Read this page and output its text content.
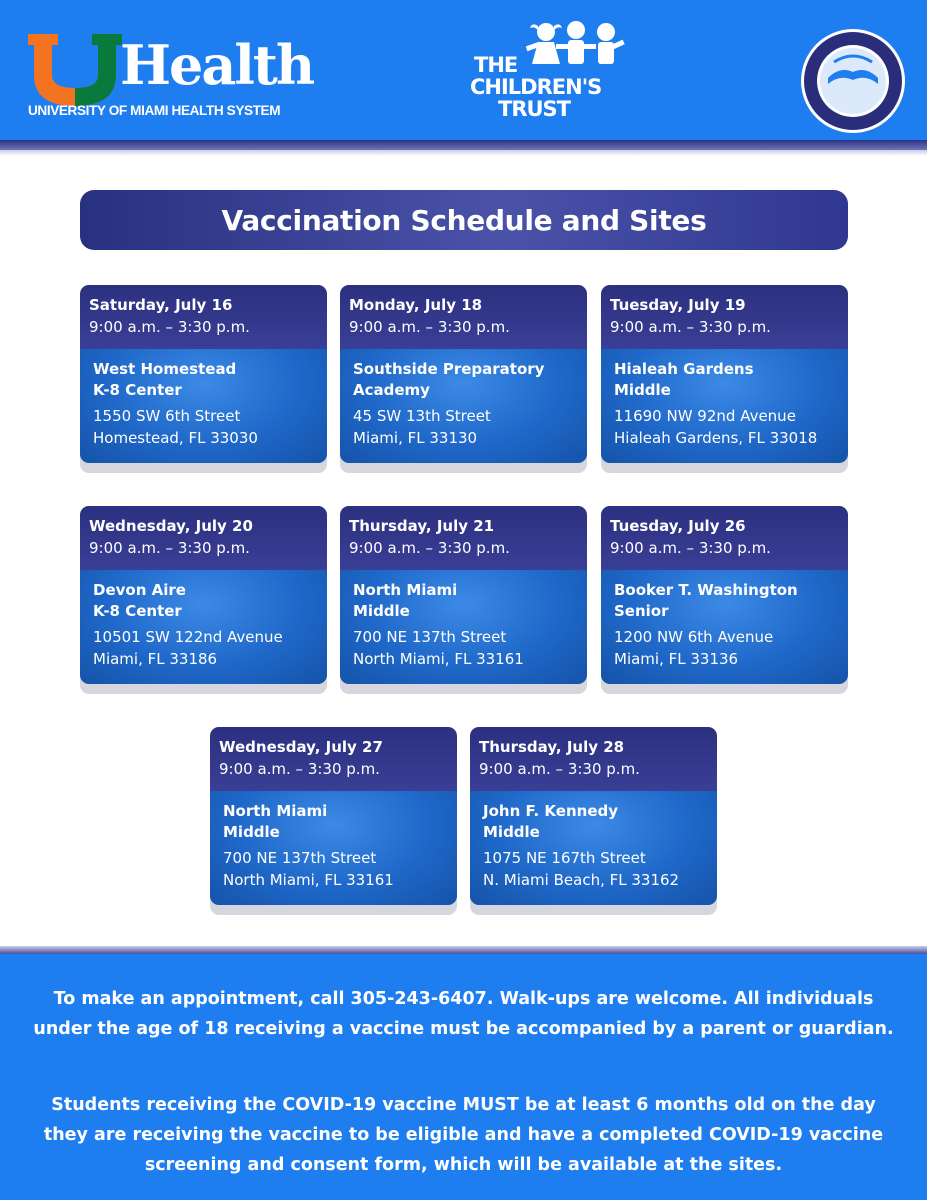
Health
UNIVERSITY OF MIAMI HEALTH SYSTEM
THE
CHILDREN'S
TRUST
Vaccination Schedule and Sites
Saturday, July 16
9:00 a.m. – 3:30 p.m.
West Homestead
K-8 Center
1550 SW 6th Street
Homestead, FL 33030
Monday, July 18
9:00 a.m. – 3:30 p.m.
Southside Preparatory
Academy
45 SW 13th Street
Miami, FL 33130
Tuesday, July 19
9:00 a.m. – 3:30 p.m.
Hialeah Gardens
Middle
11690 NW 92nd Avenue
Hialeah Gardens, FL 33018
Wednesday, July 20
9:00 a.m. – 3:30 p.m.
Devon Aire
K-8 Center
10501 SW 122nd Avenue
Miami, FL 33186
Thursday, July 21
9:00 a.m. – 3:30 p.m.
North Miami
Middle
700 NE 137th Street
North Miami, FL 33161
Tuesday, July 26
9:00 a.m. – 3:30 p.m.
Booker T. Washington
Senior
1200 NW 6th Avenue
Miami, FL 33136
Wednesday, July 27
9:00 a.m. – 3:30 p.m.
North Miami
Middle
700 NE 137th Street
North Miami, FL 33161
Thursday, July 28
9:00 a.m. – 3:30 p.m.
John F. Kennedy
Middle
1075 NE 167th Street
N. Miami Beach, FL 33162
To make an appointment, call 305-243-6407. Walk-ups are welcome. All individuals under the age of 18 receiving a vaccine must be accompanied by a parent or guardian.
Students receiving the COVID-19 vaccine MUST be at least 6 months old on the day they are receiving the vaccine to be eligible and have a completed COVID-19 vaccine screening and consent form, which will be available at the sites.
